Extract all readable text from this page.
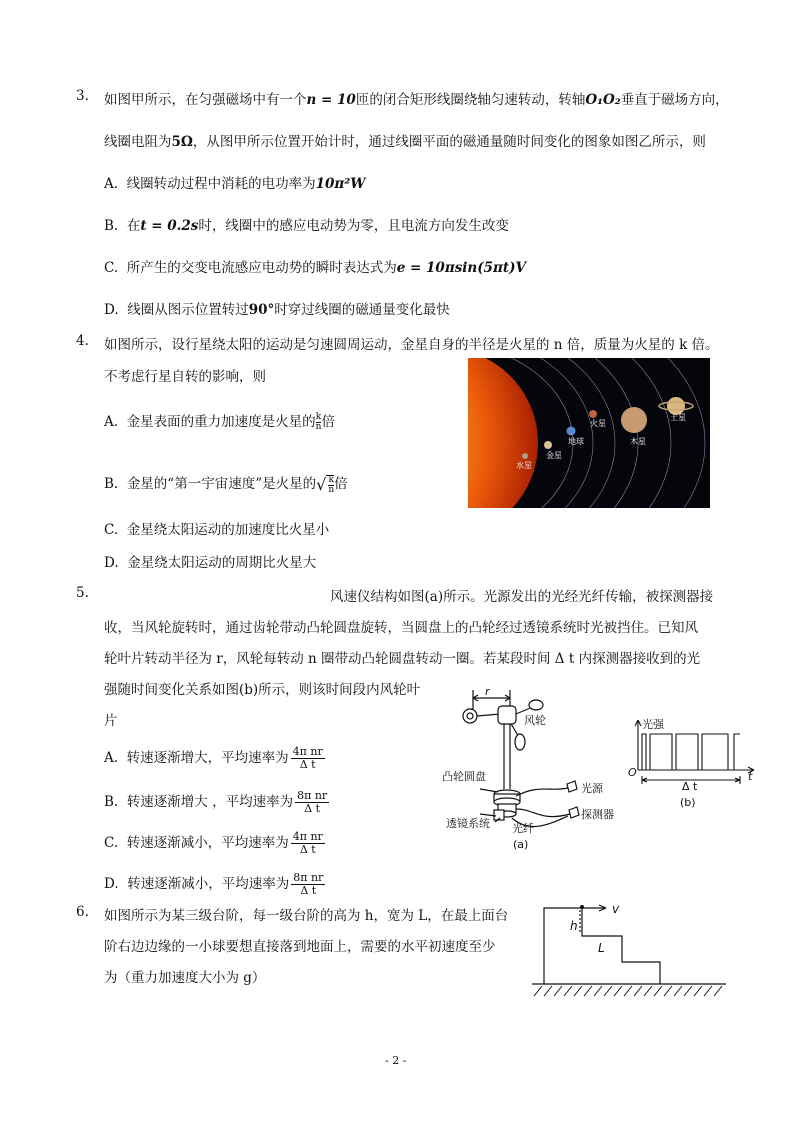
3. 如图甲所示，在匀强磁场中有一个n = 10匝的闭合矩形线圈绕轴匀速转动，转轴O₁O₂垂直于磁场方向，
线圈电阻为5Ω，从图甲所示位置开始计时，通过线圈平面的磁通量随时间变化的图象如图乙所示，则
A. 线圈转动过程中消耗的电功率为10π²W
B. 在t = 0.2s时，线圈中的感应电动势为零，且电流方向发生改变
C. 所产生的交变电流感应电动势的瞬时表达式为e = 10πsin(5πt)V
D. 线圈从图示位置转过90°时穿过线圈的磁通量变化最快
4. 如图所示，设行星绕太阳的运动是匀速圆周运动，金星自身的半径是火星的 n 倍，质量为火星的 k 倍。
不考虑行星自转的影响，则
A. 金星表面的重力加速度是火星的 $\frac{k}{n}$倍
B. 金星的“第一宇宙速度”是火星的√ $\frac{k}{n}$倍
C. 金星绕太阳运动的加速度比火星小
D. 金星绕太阳运动的周期比火星大
水星
金星
地球
火星
木星
土星
5.	风速仪结构如图(a)所示。光源发出的光经光纤传输，被探测器接
收，当风轮旋转时，通过齿轮带动凸轮圆盘旋转，当圆盘上的凸轮经过透镜系统时光被挡住。已知风
轮叶片转动半径为 r，风轮每转动 n 圈带动凸轮圆盘转动一圈。若某段时间 Δ t 内探测器接收到的光
强随时间变化关系如图(b)所示，则该时间段内风轮叶
片
A. 转速逐渐增大，平均速率为 $\frac{\text{4π nr}}{\text{Δ t}}$
B. 转速逐渐增大 ，平均速率为 $\frac{\text{8π nr}}{\text{Δ t}}$
C. 转速逐渐减小，平均速率为 $\frac{\text{4π nr}}{\text{Δ t}}$
D. 转速逐渐减小，平均速率为 $\frac{\text{8π nr}}{\text{Δ t}}$
r
风轮
凸轮圆盘
光源
探测器
透镜系统 光纤
(a)
光强
O	t
Δ t
(b)
6. 如图所示为某三级台阶，每一级台阶的高为 h，宽为 L，在最上面台
阶右边边缘的一小球要想直接落到地面上，需要的水平初速度至少
为（重力加速度大小为 g）
v
h
L
- 2 -
